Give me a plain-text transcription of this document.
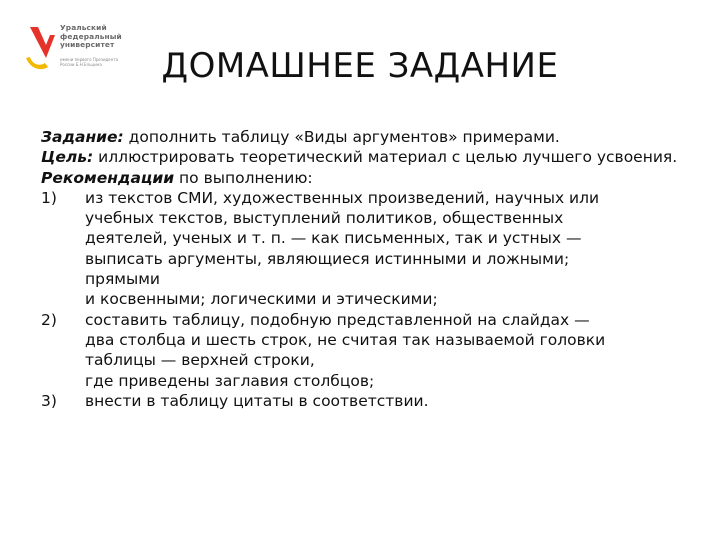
Уральский
федеральный
университет
имени первого Президента
России Б.Н.Ельцина	ДОМАШНЕЕ ЗАДАНИЕ

Задание: дополнить таблицу «Виды аргументов» примерами.

Цель: иллюстрировать теоретический материал с целью лучшего усвоения.

Рекомендации по выполнению:

1) из текстов СМИ, художественных произведений, научных или
учебных текстов, выступлений политиков, общественных
деятелей, ученых и т. п. — как письменных, так и устных —
выписать аргументы, являющиеся истинными и ложными;
прямыми
и косвенными; логическими и этическими;
2) составить таблицу, подобную представленной на слайдах —
два столбца и шесть строк, не считая так называемой головки
таблицы — верхней строки,
где приведены заглавия столбцов;
3) внести в таблицу цитаты в соответствии.
